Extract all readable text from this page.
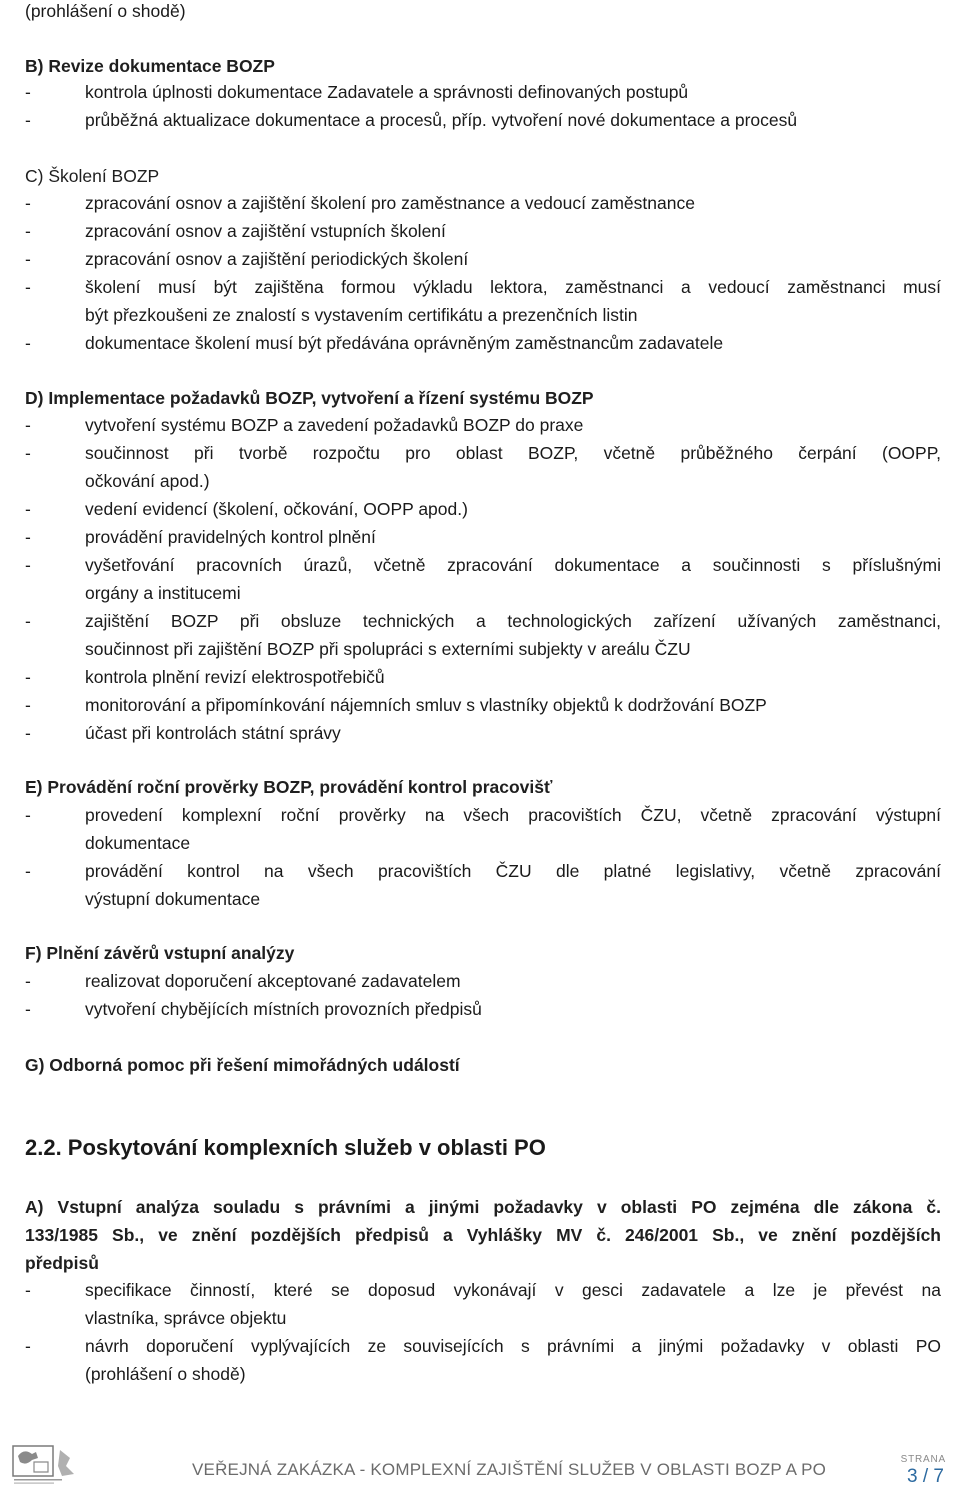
(prohlášení o shodě)
B) Revize dokumentace BOZP
-	kontrola úplnosti dokumentace Zadavatele a správnosti definovaných postupů
-	průběžná aktualizace dokumentace a procesů, příp. vytvoření nové dokumentace a procesů
C) Školení BOZP
-	zpracování osnov a zajištění školení pro zaměstnance a vedoucí zaměstnance
-	zpracování osnov a zajištění vstupních školení
-	zpracování osnov a zajištění periodických školení
-	školení musí být zajištěna formou výkladu lektora, zaměstnanci a vedoucí zaměstnanci musí
být přezkoušeni ze znalostí s vystavením certifikátu a prezenčních listin
-	dokumentace školení musí být předávána oprávněným zaměstnancům zadavatele
D) Implementace požadavků BOZP, vytvoření a řízení systému BOZP
-	vytvoření systému BOZP a zavedení požadavků BOZP do praxe
-	součinnost při tvorbě rozpočtu pro oblast BOZP, včetně průběžného čerpání (OOPP,
očkování apod.)
-	vedení evidencí (školení, očkování, OOPP apod.)
-	provádění pravidelných kontrol plnění
-	vyšetřování pracovních úrazů, včetně zpracování dokumentace a součinnosti s příslušnými
orgány a institucemi
-	zajištění BOZP při obsluze technických a technologických zařízení užívaných zaměstnanci,
součinnost při zajištění BOZP při spolupráci s externími subjekty v areálu ČZU
-	kontrola plnění revizí elektrospotřebičů
-	monitorování a připomínkování nájemních smluv s vlastníky objektů k dodržování BOZP
-	účast při kontrolách státní správy
E) Provádění roční prověrky BOZP, provádění kontrol pracovišť
-	provedení komplexní roční prověrky na všech pracovištích ČZU, včetně zpracování výstupní
dokumentace
-	provádění kontrol na všech pracovištích ČZU dle platné legislativy, včetně zpracování
výstupní dokumentace
F) Plnění závěrů vstupní analýzy
-	realizovat doporučení akceptované zadavatelem
-	vytvoření chybějících místních provozních předpisů
G) Odborná pomoc při řešení mimořádných událostí
2.2. Poskytování komplexních služeb v oblasti PO
A) Vstupní analýza souladu s právními a jinými požadavky v oblasti PO zejména dle zákona č.
133/1985 Sb., ve znění pozdějších předpisů a Vyhlášky MV č. 246/2001 Sb., ve znění pozdějších
předpisů
-	specifikace činností, které se doposud vykonávají v gesci zadavatele a lze je převést na
vlastníka, správce objektu
-	návrh doporučení vyplývajících ze souvisejících s právními a jinými požadavky v oblasti PO
(prohlášení o shodě)
VEŘEJNÁ ZAKÁZKA - KOMPLEXNÍ ZAJIŠTĚNÍ SLUŽEB V OBLASTI BOZP A PO
STRANA
3 / 7
